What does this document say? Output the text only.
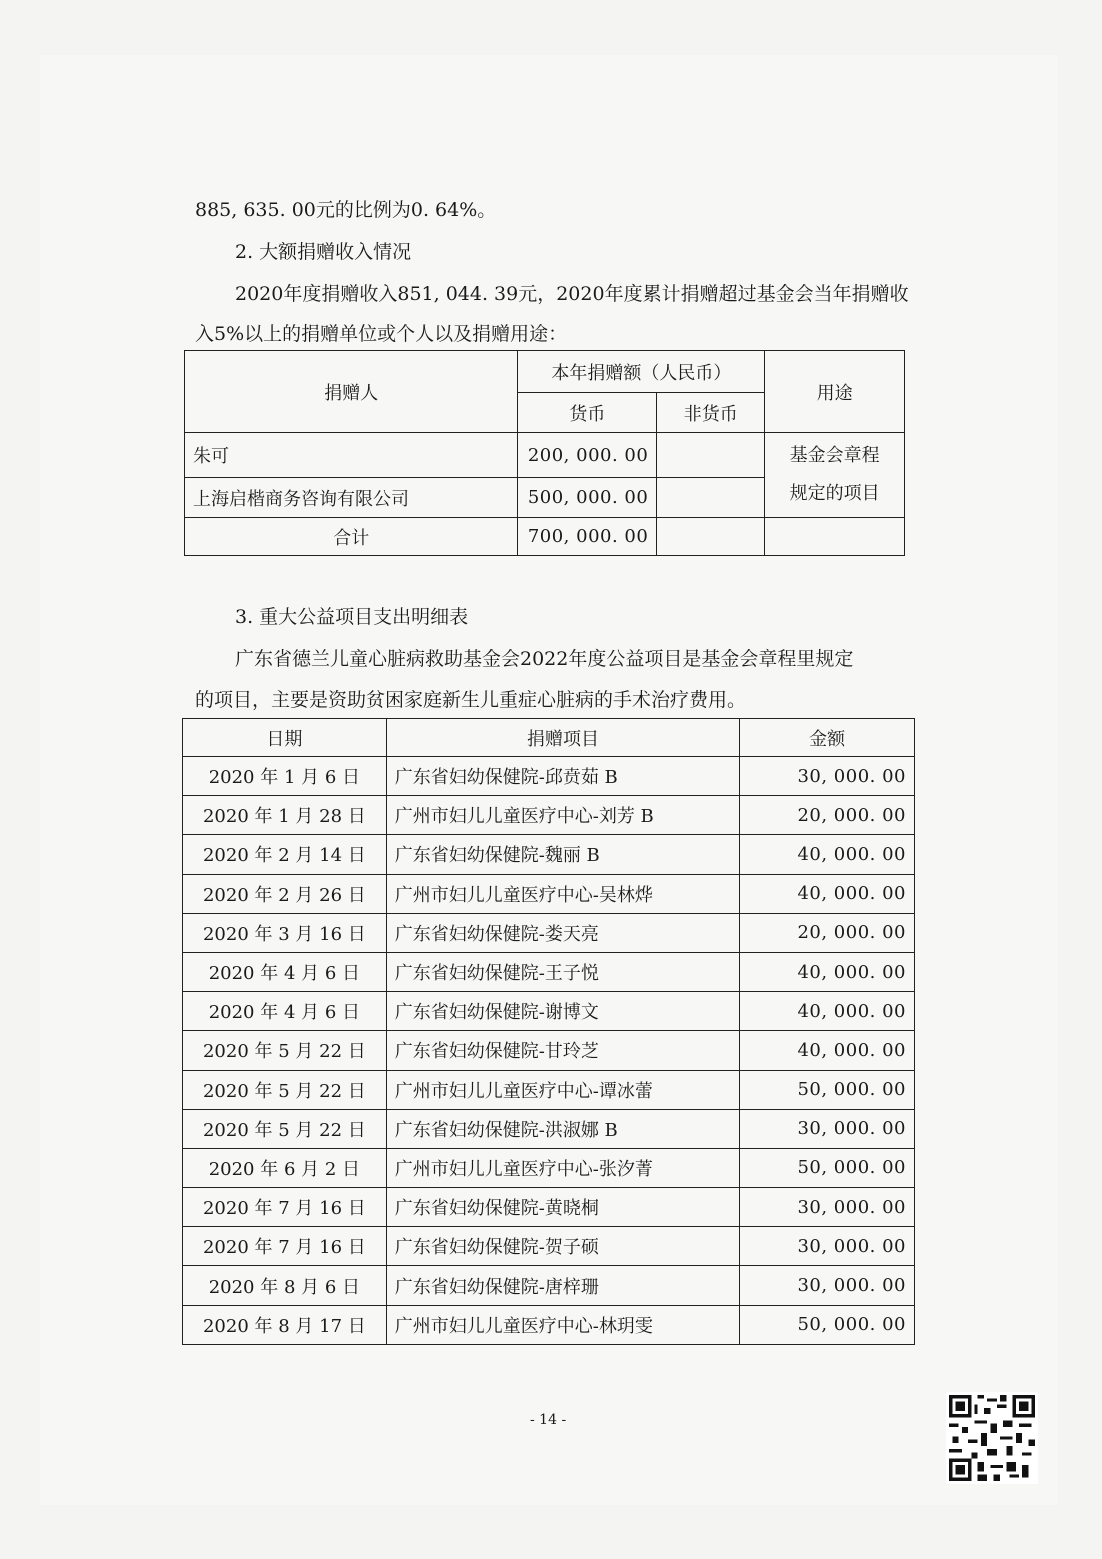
885, 635. 00元的比例为0. 64%。
2. 大额捐赠收入情况
2020年度捐赠收入851, 044. 39元，2020年度累计捐赠超过基金会当年捐赠收
入5%以上的捐赠单位或个人以及捐赠用途：
捐赠人	本年捐赠额（人民币）		用途
	货币	非货币	
朱可	200, 000. 00		基金会章程
规定的项目

上海启楷商务咨询有限公司	500, 000. 00		
合计	700, 000. 00		
3. 重大公益项目支出明细表
广东省德兰儿童心脏病救助基金会2022年度公益项目是基金会章程里规定
的项目，主要是资助贫困家庭新生儿重症心脏病的手术治疗费用。
日期	捐赠项目	金额
2020 年 1 月 6 日	广东省妇幼保健院-邱贲茹 B	30, 000. 00
2020 年 1 月 28 日	广州市妇儿儿童医疗中心-刘芳 B	20, 000. 00
2020 年 2 月 14 日	广东省妇幼保健院-魏丽 B	40, 000. 00
2020 年 2 月 26 日	广州市妇儿儿童医疗中心-吴林烨	40, 000. 00
2020 年 3 月 16 日	广东省妇幼保健院-娄天亮	20, 000. 00
2020 年 4 月 6 日	广东省妇幼保健院-王子悦	40, 000. 00
2020 年 4 月 6 日	广东省妇幼保健院-谢博文	40, 000. 00
2020 年 5 月 22 日	广东省妇幼保健院-甘玲芝	40, 000. 00
2020 年 5 月 22 日	广州市妇儿儿童医疗中心-谭冰蕾	50, 000. 00
2020 年 5 月 22 日	广东省妇幼保健院-洪淑娜 B	30, 000. 00
2020 年 6 月 2 日	广州市妇儿儿童医疗中心-张汐菁	50, 000. 00
2020 年 7 月 16 日	广东省妇幼保健院-黄晓桐	30, 000. 00
2020 年 7 月 16 日	广东省妇幼保健院-贺子硕	30, 000. 00
2020 年 8 月 6 日	广东省妇幼保健院-唐梓珊	30, 000. 00
2020 年 8 月 17 日	广州市妇儿儿童医疗中心-林玥雯	50, 000. 00
- 14 -
